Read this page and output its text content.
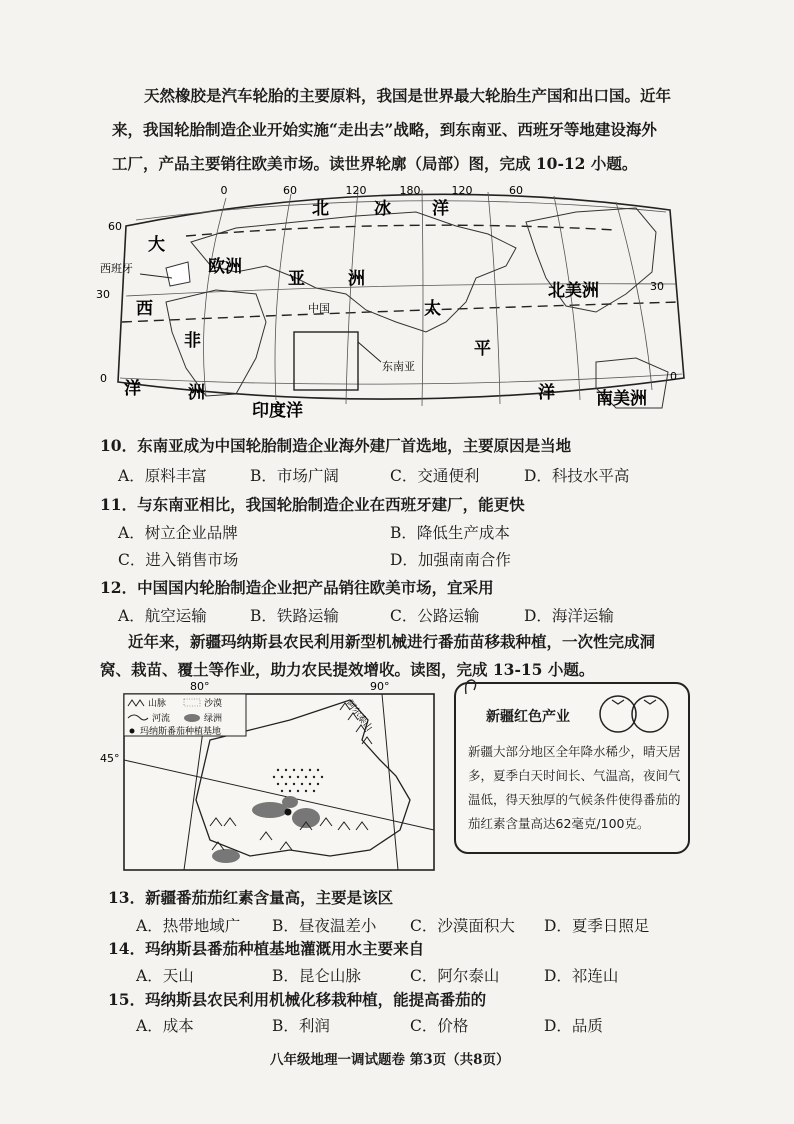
天然橡胶是汽车轮胎的主要原料，我国是世界最大轮胎生产国和出口国。近年
来，我国轮胎制造企业开始实施“走出去”战略，到东南亚、西班牙等地建设海外
工厂，产品主要销往欧美市场。读世界轮廓（局部）图，完成 10-12 小题。
0	60	120	180	120	60
60
30
0
30
0
北	冰 洋
大
西
洋
欧洲
亚	洲
非
洲
中国	太
平
洋
印度洋
北美洲
南美洲
西班牙
东南亚
10．东南亚成为中国轮胎制造企业海外建厂首选地，主要原因是当地
A．原料丰富	B．市场广阔	C．交通便利	D．科技水平高
11．与东南亚相比，我国轮胎制造企业在西班牙建厂，能更快
A．树立企业品牌	B．降低生产成本
C．进入销售市场	D．加强南南合作
12．中国国内轮胎制造企业把产品销往欧美市场，宜采用
A．航空运输	B．铁路运输	C．公路运输	D．海洋运输
近年来，新疆玛纳斯县农民利用新型机械进行番茄苗移栽种植，一次性完成洞
窝、栽苗、覆土等作业，助力农民提效增收。读图，完成 13-15 小题。
80°	90°
45°
阿尔泰山
山脉	沙漠
河流	绿洲
玛纳斯番茄种植基地
新疆红色产业
新疆大部分地区全年降水稀少，晴天居多，夏季白天时间长、气温高，夜间气温低，得天独厚的气候条件使得番茄的茄红素含量高达62毫克/100克。
13．新疆番茄茄红素含量高，主要是该区
A．热带地域广 B．昼夜温差小 C．沙漠面积大 D．夏季日照足
14．玛纳斯县番茄种植基地灌溉用水主要来自
A．天山	B．昆仑山脉	C．阿尔泰山	D．祁连山
15．玛纳斯县农民利用机械化移栽种植，能提高番茄的
A．成本	B．利润	C．价格	D．品质
八年级地理一调试题卷 第3页（共8页）
